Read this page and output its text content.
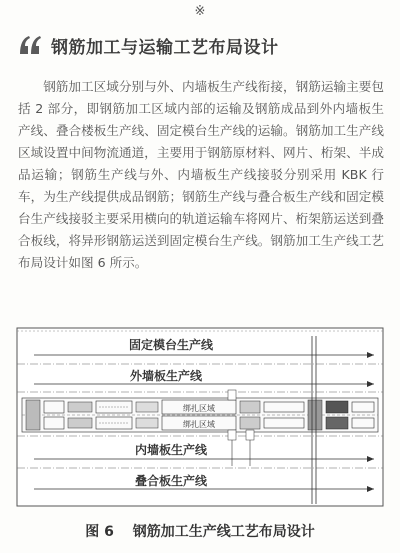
※
钢筋加工与运输工艺布局设计

钢筋加工区域分别与外、内墙板生产线衔接，钢筋运输主要包括 2 部分，即钢筋加工区域内部的运输及钢筋成品到外内墙板生产线、叠合楼板生产线、固定模台生产线的运输。钢筋加工生产线区域设置中间物流通道，主要用于钢筋原材料、网片、桁架、半成品运输；钢筋生产线与外、内墙板生产线接驳分别采用 KBK 行车，为生产线提供成品钢筋；钢筋生产线与叠合板生产线和固定模台生产线接驳主要采用横向的轨道运输车将网片、桁架筋运送到叠合板线，将异形钢筋运送到固定模台生产线。钢筋加工生产线工艺布局设计如图 6 所示。

固定模台生产线
外墙板生产线
内墙板生产线
叠合板生产线
绑扎区域
绑扎区域
图 6 钢筋加工生产线工艺布局设计
